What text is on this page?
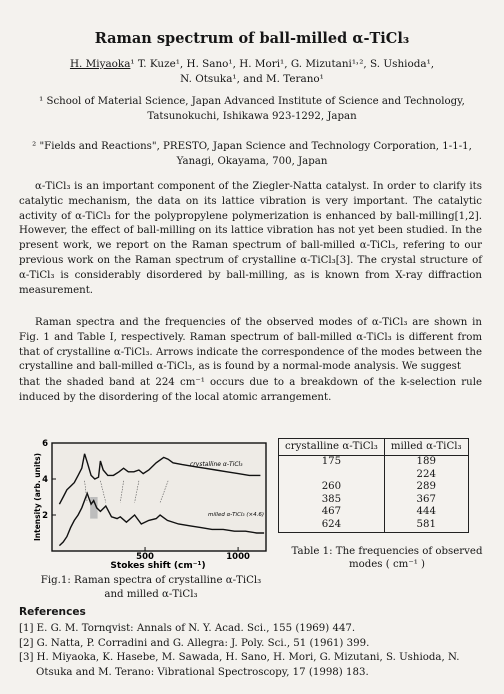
Raman spectrum of ball-milled α-TiCl₃
H. Miyaoka¹ T. Kuze¹, H. Sano¹, H. Mori¹, G. Mizutani¹˒², S. Ushioda¹,
N. Otsuka¹, and M. Terano¹
¹ School of Material Science, Japan Advanced Institute of Science and Technology, Tatsunokuchi, Ishikawa 923-1292, Japan
² "Fields and Reactions", PRESTO, Japan Science and Technology Corporation, 1-1-1, Yanagi, Okayama, 700, Japan
α-TiCl₃ is an important component of the Ziegler-Natta catalyst. In order to clarify its catalytic mechanism, the data on its lattice vibration is very important. The catalytic activity of α-TiCl₃ for the polypropylene polymerization is enhanced by ball-milling[1,2]. However, the effect of ball-milling on its lattice vibration has not yet been studied. In the present work, we report on the Raman spectrum of ball-milled α-TiCl₃, refering to our previous work on the Raman spectrum of crystalline α-TiCl₃[3]. The crystal structure of α-TiCl₃ is considerably disordered by ball-milling, as is known from X-ray diffraction measurement.
Raman spectra and the frequencies of the observed modes of α-TiCl₃ are shown in Fig. 1 and Table I, respectively. Raman spectrum of ball-milled α-TiCl₃ is different from that of crystalline α-TiCl₃. Arrows indicate the correspondence of the modes between the crystalline and ball-milled α-TiCl₃, as is found by a normal-mode analysis. We suggest
that the shaded band at 224 cm⁻¹ occurs due to a breakdown of the k-selection rule induced by the disordering of the local atomic arrangement.
Intensity (arb. units)
Stokes shift (cm⁻¹)
500	1000
2
4
6
crystalline α-TiCl₃
milled α-TiCl₃ (×4.6)
Fig.1: Raman spectra of crystalline α-TiCl₃ and milled α-TiCl₃
crystalline α-TiCl₃	milled α-TiCl₃
175	189
	224
260	289
385	367
467	444
624	581
Table 1: The frequencies of observed modes ( cm⁻¹ )
References
[1] E. G. M. Tornqvist: Annals of N. Y. Acad. Sci., 155 (1969) 447.
[2] G. Natta, P. Corradini and G. Allegra: J. Poly. Sci., 51 (1961) 399.
[3] H. Miyaoka, K. Hasebe, M. Sawada, H. Sano, H. Mori, G. Mizutani, S. Ushioda, N. Otsuka and M. Terano: Vibrational Spectroscopy, 17 (1998) 183.
